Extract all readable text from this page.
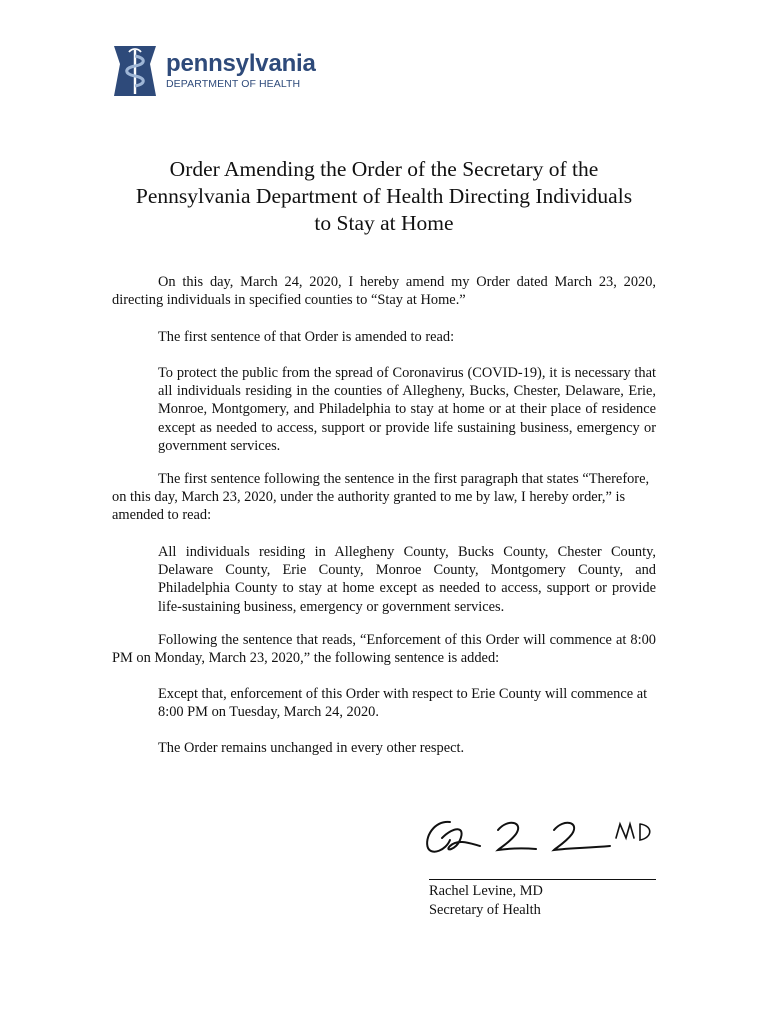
pennsylvania
DEPARTMENT OF HEALTH
Order Amending the Order of the Secretary of the
Pennsylvania Department of Health Directing Individuals
to Stay at Home

On this day, March 24, 2020, I hereby amend my Order dated March 23, 2020, directing individuals in specified counties to “Stay at Home.”

The first sentence of that Order is amended to read:

To protect the public from the spread of Coronavirus (COVID-19), it is necessary that all individuals residing in the counties of Allegheny, Bucks, Chester, Delaware, Erie, Monroe, Montgomery, and Philadelphia to stay at home or at their place of residence except as needed to access, support or provide life sustaining business, emergency or government services.

The first sentence following the sentence in the first paragraph that states “Therefore, on this day, March 23, 2020, under the authority granted to me by law, I hereby order,” is amended to read:

All individuals residing in Allegheny County, Bucks County, Chester County, Delaware County, Erie County, Monroe County, Montgomery County, and Philadelphia County to stay at home except as needed to access, support or provide life-sustaining business, emergency or government services.

Following the sentence that reads, “Enforcement of this Order will commence at 8:00 PM on Monday, March 23, 2020,” the following sentence is added:

Except that, enforcement of this Order with respect to Erie County will commence at 8:00 PM on Tuesday, March 24, 2020.

The Order remains unchanged in every other respect.

Rachel Levine, MD
Secretary of Health
